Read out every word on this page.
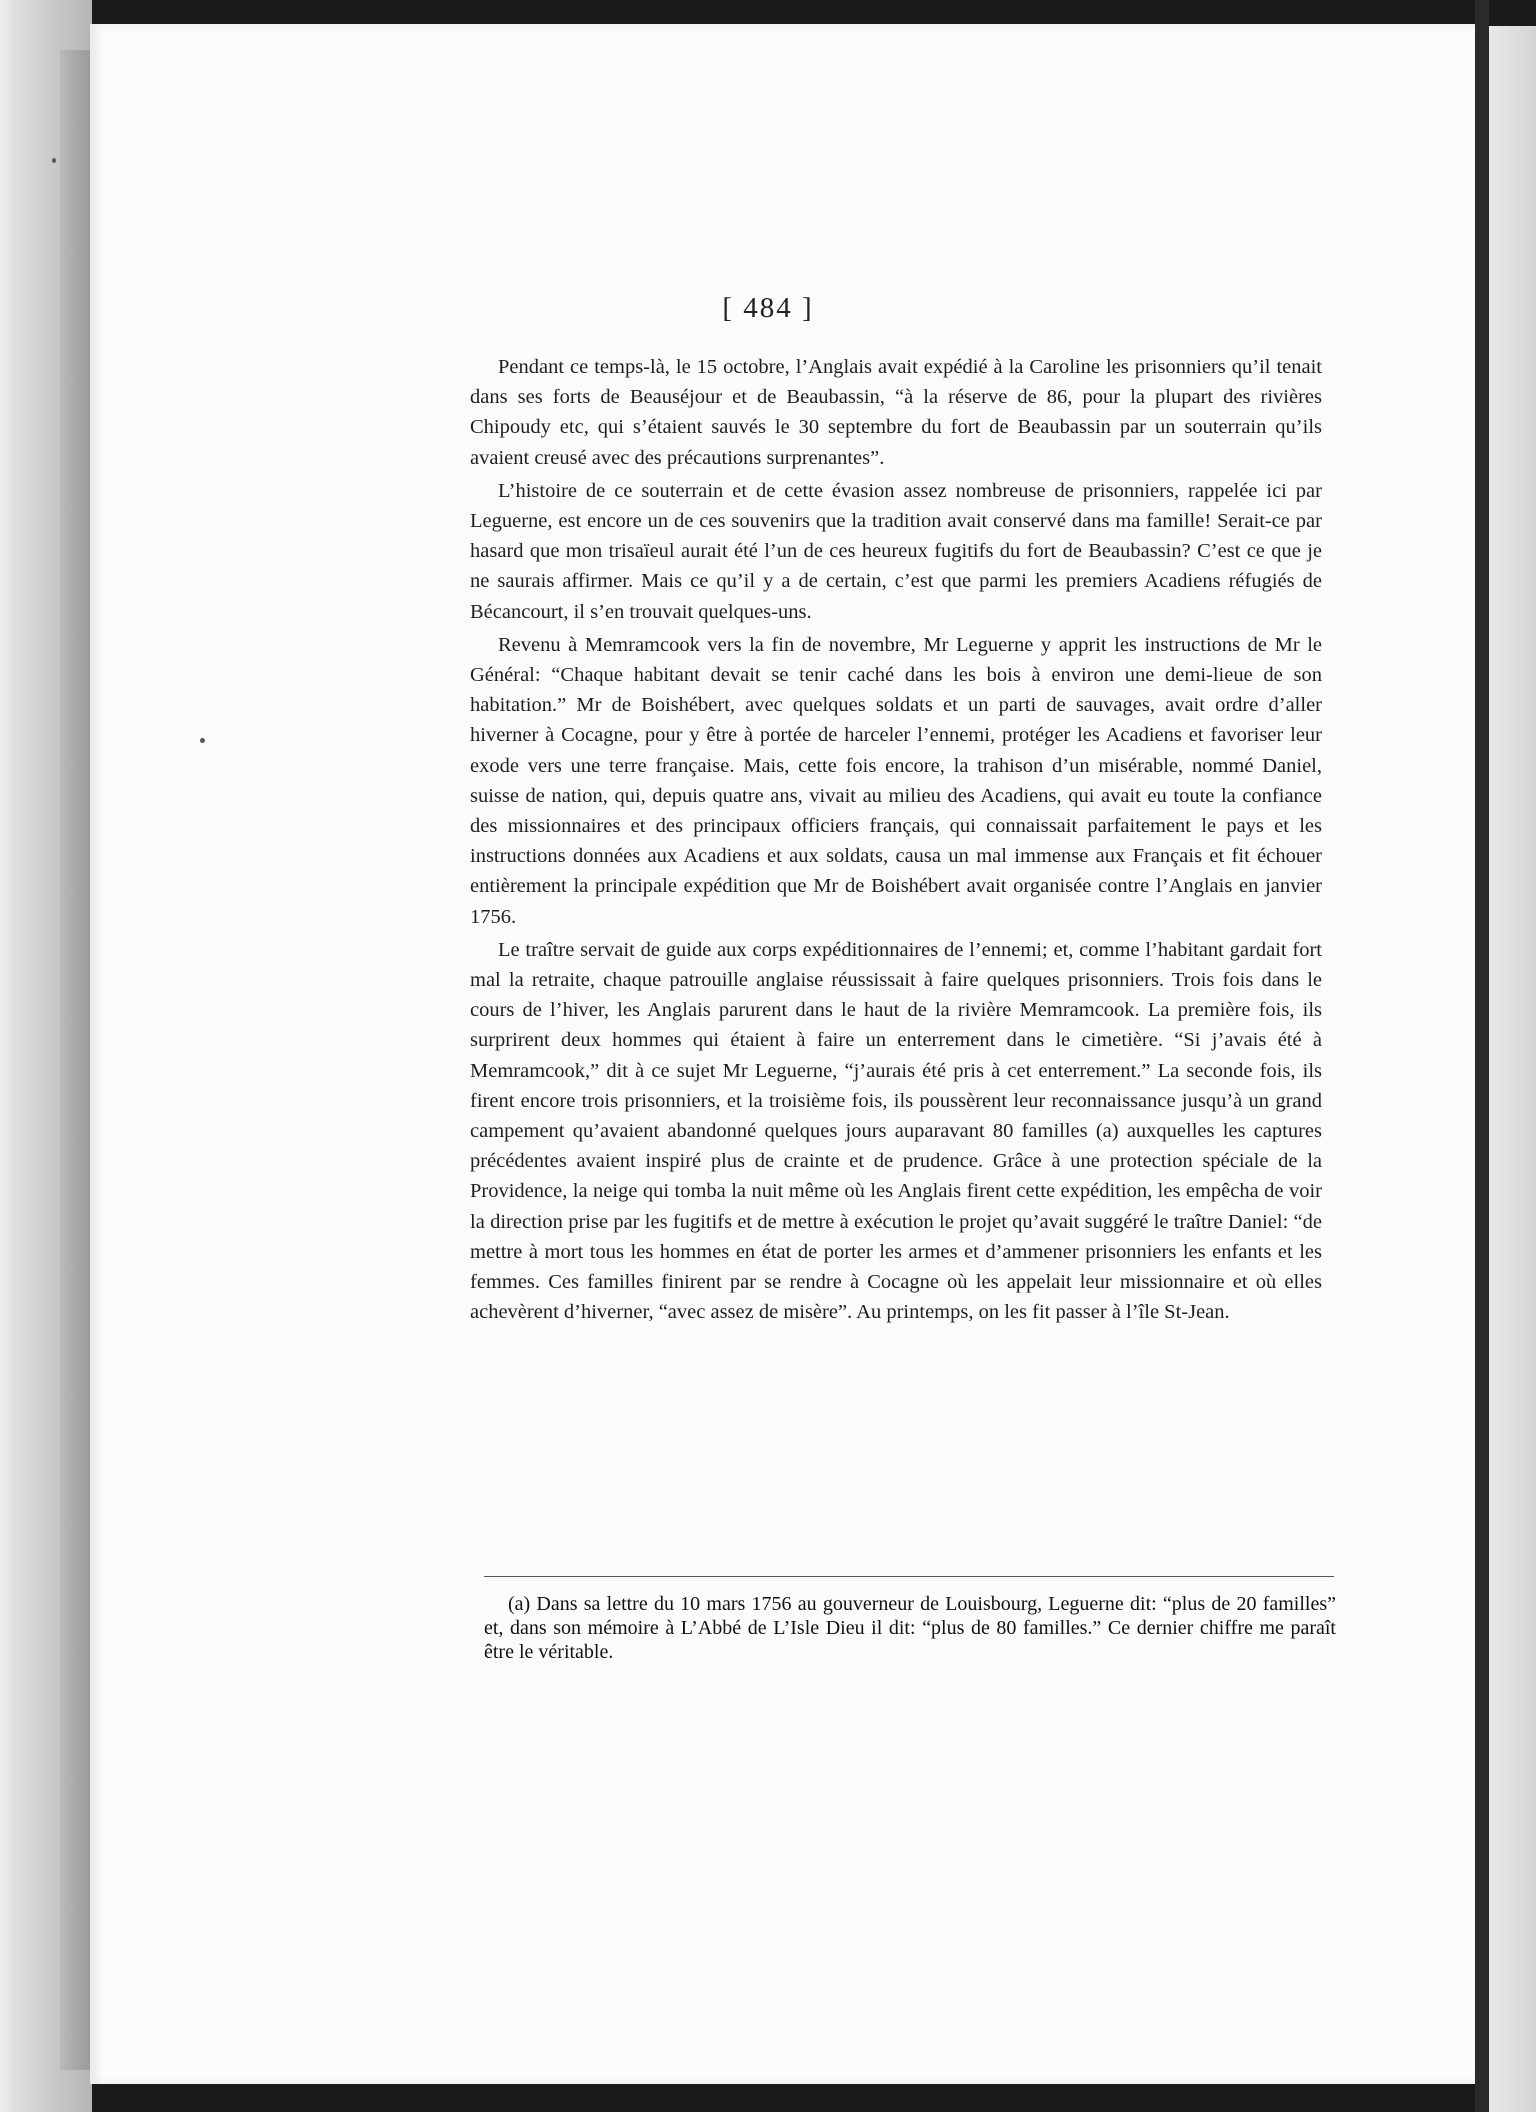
[ 484 ]

Pendant ce temps-là, le 15 octobre, l’Anglais avait expédié à la Caroline les prisonniers qu’il tenait dans ses forts de Beauséjour et de Beaubassin, “à la réserve de 86, pour la plupart des rivières Chipoudy etc, qui s’étaient sauvés le 30 septembre du fort de Beaubassin par un souterrain qu’ils avaient creusé avec des précautions surprenantes”.

L’histoire de ce souterrain et de cette évasion assez nombreuse de prisonniers, rappelée ici par Leguerne, est encore un de ces souvenirs que la tradition avait conservé dans ma famille! Serait-ce par hasard que mon trisaïeul aurait été l’un de ces heureux fugitifs du fort de Beaubassin? C’est ce que je ne saurais affirmer. Mais ce qu’il y a de certain, c’est que parmi les premiers Acadiens réfugiés de Bécancourt, il s’en trouvait quelques-uns.

Revenu à Memramcook vers la fin de novembre, Mr Leguerne y apprit les instructions de Mr le Général: “Chaque habitant devait se tenir caché dans les bois à environ une demi-lieue de son habitation.” Mr de Boishébert, avec quelques soldats et un parti de sauvages, avait ordre d’aller hiverner à Cocagne, pour y être à portée de harceler l’ennemi, protéger les Acadiens et favoriser leur exode vers une terre française. Mais, cette fois encore, la trahison d’un misérable, nommé Daniel, suisse de nation, qui, depuis quatre ans, vivait au milieu des Acadiens, qui avait eu toute la confiance des missionnaires et des principaux officiers français, qui connaissait parfaitement le pays et les instructions données aux Acadiens et aux soldats, causa un mal immense aux Français et fit échouer entièrement la principale expédition que Mr de Boishébert avait organisée contre l’Anglais en janvier 1756.

Le traître servait de guide aux corps expéditionnaires de l’ennemi; et, comme l’habitant gardait fort mal la retraite, chaque patrouille anglaise réussissait à faire quelques prisonniers. Trois fois dans le cours de l’hiver, les Anglais parurent dans le haut de la rivière Memramcook. La première fois, ils surprirent deux hommes qui étaient à faire un enterrement dans le cimetière. “Si j’avais été à Memramcook,” dit à ce sujet Mr Leguerne, “j’aurais été pris à cet enterrement.” La seconde fois, ils firent encore trois prisonniers, et la troisième fois, ils poussèrent leur reconnaissance jusqu’à un grand campement qu’avaient abandonné quelques jours auparavant 80 familles (a) auxquelles les captures précédentes avaient inspiré plus de crainte et de prudence. Grâce à une protection spéciale de la Providence, la neige qui tomba la nuit même où les Anglais firent cette expédition, les empêcha de voir la direction prise par les fugitifs et de mettre à exécution le projet qu’avait suggéré le traître Daniel: “de mettre à mort tous les hommes en état de porter les armes et d’ammener prisonniers les enfants et les femmes. Ces familles finirent par se rendre à Cocagne où les appelait leur missionnaire et où elles achevèrent d’hiverner, “avec assez de misère”. Au printemps, on les fit passer à l’île St-Jean.

(a) Dans sa lettre du 10 mars 1756 au gouverneur de Louisbourg, Leguerne dit: “plus de 20 familles” et, dans son mémoire à L’Abbé de L’Isle Dieu il dit: “plus de 80 familles.” Ce dernier chiffre me paraît être le véritable.
